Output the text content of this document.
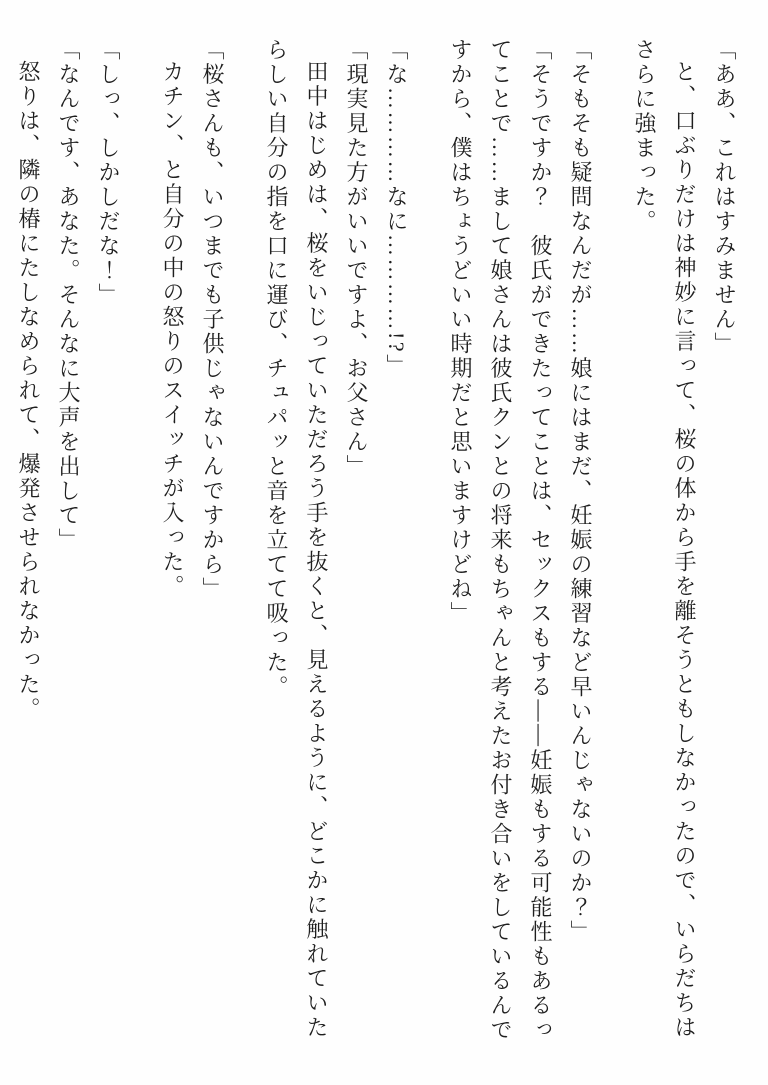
「ああ、これはすみません」

と、口ぶりだけは神妙に言って、桜の体から手を離そうともしなかったので、いらだちはさらに強まった。

「そもそも疑問なんだが……娘にはまだ、妊娠の練習など早いんじゃないのか？」

「そうですか？　彼氏ができたってことは、セックスもする――妊娠もする可能性もあるってことで……まして娘さんは彼氏クンとの将来もちゃんと考えたお付き合いをしているんですから、僕はちょうどいい時期だと思いますけどね」

「な…………なに…………!?」

「現実見た方がいいですよ、お父さん」

田中はじめは、桜をいじっていただろう手を抜くと、見えるように、どこかに触れていたらしい自分の指を口に運び、チュパッと音を立てて吸った。

「桜さんも、いつまでも子供じゃないんですから」

カチン、と自分の中の怒りのスイッチが入った。

「しっ、しかしだな！」

「なんです、あなた。そんなに大声を出して」

怒りは、隣の椿にたしなめられて、爆発させられなかった。
